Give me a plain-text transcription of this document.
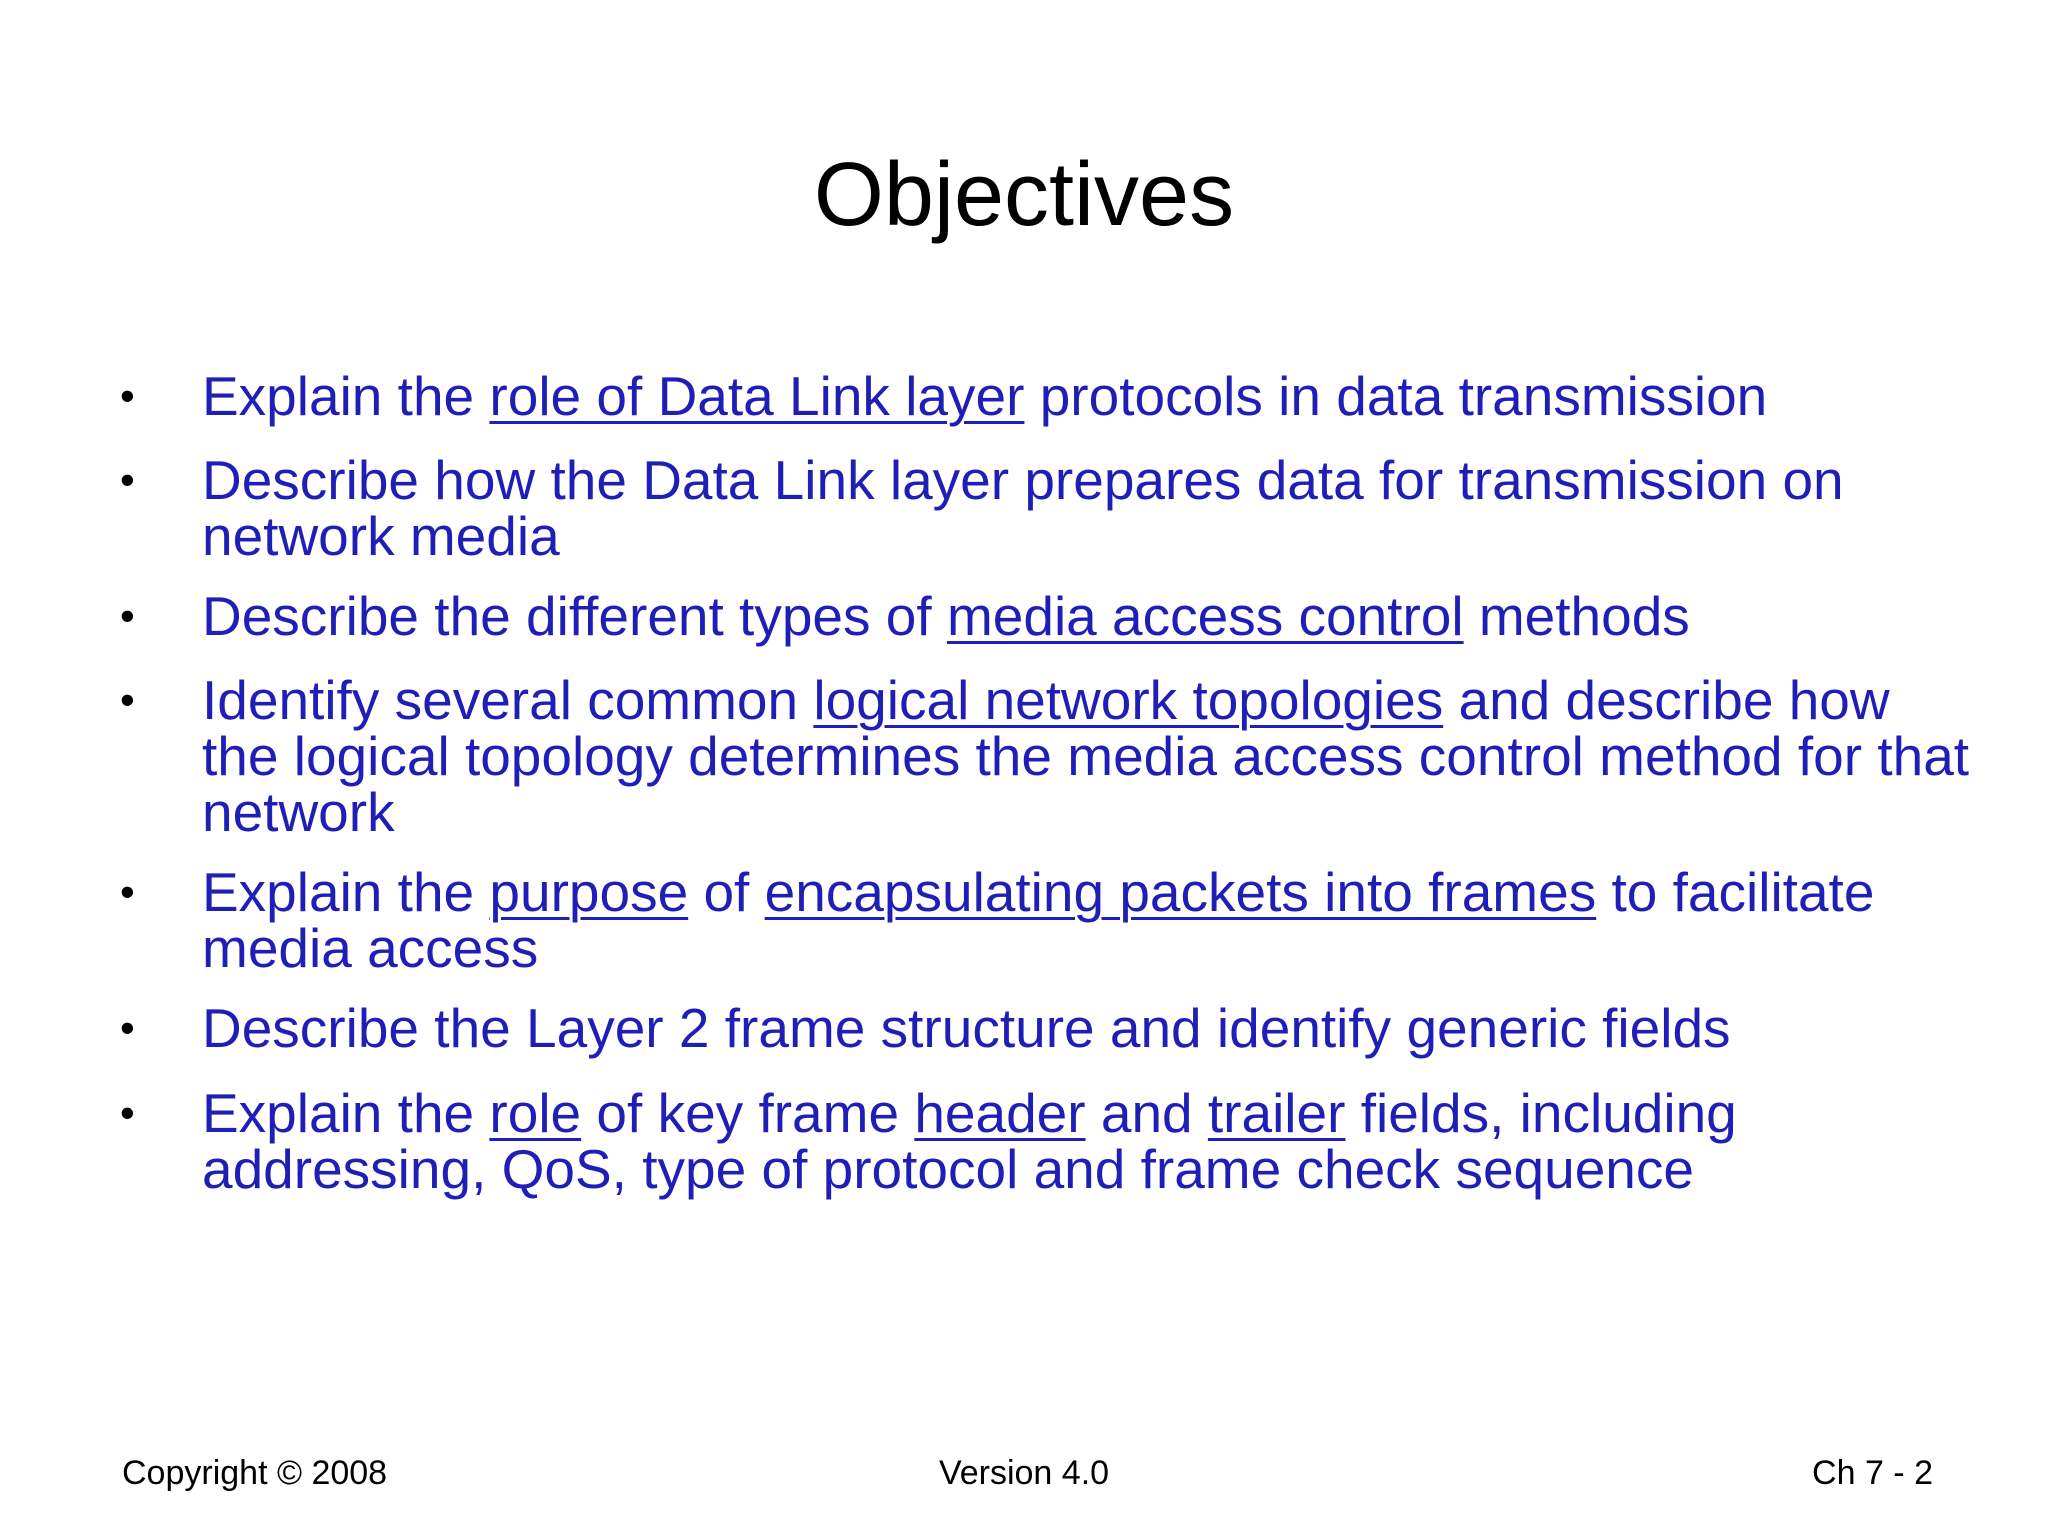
Objectives
•	Explain the role of Data Link layer protocols in data transmission
•	Describe how the Data Link layer prepares data for transmission on network media
•	Describe the different types of media access control methods
•	Identify several common logical network topologies and describe how the logical topology determines the media access control method for that network
•	Explain the purpose of encapsulating packets into frames to facilitate media access
•	Describe the Layer 2 frame structure and identify generic fields
•	Explain the role of key frame header and trailer fields, including addressing, QoS, type of protocol and frame check sequence
Copyright © 2008	Version 4.0	Ch 7 - 2
